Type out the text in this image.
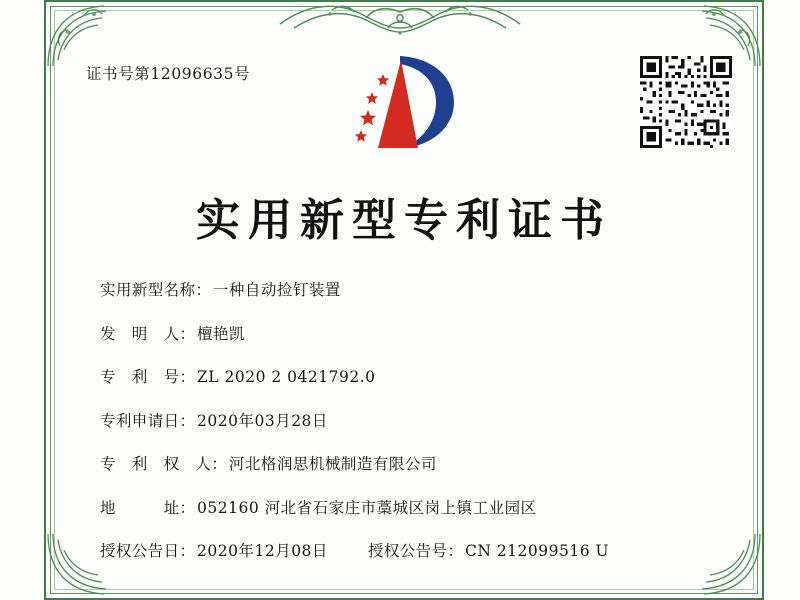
证书号第12096635号
实用新型专利证书
实用新型名称 ： 一种自动捡钉装置
发　明　人 ： 檀艳凯
专　利　号 ： ZL 2020 2 0421792.0
专利申请日 ： 2020年03月28日
专　利　权　人 ： 河北格润思机械制造有限公司
地　　　址 ： 052160 河北省石家庄市藁城区岗上镇工业园区
授权公告日 ： 2020年12月08日	授权公告号 ： CN 212099516 U
